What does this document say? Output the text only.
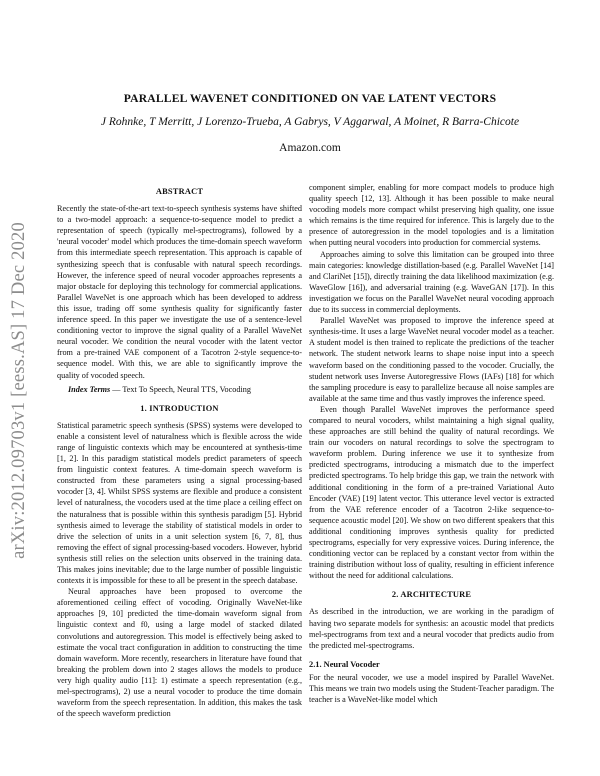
arXiv:2012.09703v1 [eess.AS] 17 Dec 2020
PARALLEL WAVENET CONDITIONED ON VAE LATENT VECTORS
J Rohnke, T Merritt, J Lorenzo-Trueba, A Gabrys, V Aggarwal, A Moinet, R Barra-Chicote
Amazon.com
ABSTRACT

Recently the state-of-the-art text-to-speech synthesis systems have shifted to a two-model approach: a sequence-to-sequence model to predict a representation of speech (typically mel-spectrograms), followed by a 'neural vocoder' model which produces the time-domain speech waveform from this intermediate speech representation. This approach is capable of synthesizing speech that is confusable with natural speech recordings. However, the inference speed of neural vocoder approaches represents a major obstacle for deploying this technology for commercial applications. Parallel WaveNet is one approach which has been developed to address this issue, trading off some synthesis quality for significantly faster inference speed. In this paper we investigate the use of a sentence-level conditioning vector to improve the signal quality of a Parallel WaveNet neural vocoder. We condition the neural vocoder with the latent vector from a pre-trained VAE component of a Tacotron 2-style sequence-to-sequence model. With this, we are able to significantly improve the quality of vocoded speech.

Index Terms — Text To Speech, Neural TTS, Vocoding

1. INTRODUCTION

Statistical parametric speech synthesis (SPSS) systems were developed to enable a consistent level of naturalness which is flexible across the wide range of linguistic contexts which may be encountered at synthesis-time [1, 2]. In this paradigm statistical models predict parameters of speech from linguistic context features. A time-domain speech waveform is constructed from these parameters using a signal processing-based vocoder [3, 4]. Whilst SPSS systems are flexible and produce a consistent level of naturalness, the vocoders used at the time place a ceiling effect on the naturalness that is possible within this synthesis paradigm [5]. Hybrid synthesis aimed to leverage the stability of statistical models in order to drive the selection of units in a unit selection system [6, 7, 8], thus removing the effect of signal processing-based vocoders. However, hybrid synthesis still relies on the selection units observed in the training data. This makes joins inevitable; due to the large number of possible linguistic contexts it is impossible for these to all be present in the speech database.

Neural approaches have been proposed to overcome the aforementioned ceiling effect of vocoding. Originally WaveNet-like approaches [9, 10] predicted the time-domain waveform signal from linguistic context and f0, using a large model of stacked dilated convolutions and autoregression. This model is effectively being asked to estimate the vocal tract configuration in addition to constructing the time domain waveform. More recently, researchers in literature have found that breaking the problem down into 2 stages allows the models to produce very high quality audio [11]: 1) estimate a speech representation (e.g., mel-spectrograms), 2) use a neural vocoder to produce the time domain waveform from the speech representation. In addition, this makes the task of the speech waveform prediction

component simpler, enabling for more compact models to produce high quality speech [12, 13]. Although it has been possible to make neural vocoding models more compact whilst preserving high quality, one issue which remains is the time required for inference. This is largely due to the presence of autoregression in the model topologies and is a limitation when putting neural vocoders into production for commercial systems.

Approaches aiming to solve this limitation can be grouped into three main categories: knowledge distillation-based (e.g. Parallel WaveNet [14] and ClariNet [15]), directly training the data likelihood maximization (e.g. WaveGlow [16]), and adversarial training (e.g. WaveGAN [17]). In this investigation we focus on the Parallel WaveNet neural vocoding approach due to its success in commercial deployments.

Parallel WaveNet was proposed to improve the inference speed at synthesis-time. It uses a large WaveNet neural vocoder model as a teacher. A student model is then trained to replicate the predictions of the teacher network. The student network learns to shape noise input into a speech waveform based on the conditioning passed to the vocoder. Crucially, the student network uses Inverse Autoregressive Flows (IAFs) [18] for which the sampling procedure is easy to parallelize because all noise samples are available at the same time and thus vastly improves the inference speed.

Even though Parallel WaveNet improves the performance speed compared to neural vocoders, whilst maintaining a high signal quality, these approaches are still behind the quality of natural recordings. We train our vocoders on natural recordings to solve the spectrogram to waveform problem. During inference we use it to synthesize from predicted spectrograms, introducing a mismatch due to the imperfect predicted spectrograms. To help bridge this gap, we train the network with additional conditioning in the form of a pre-trained Variational Auto Encoder (VAE) [19] latent vector. This utterance level vector is extracted from the VAE reference encoder of a Tacotron 2-like sequence-to-sequence acoustic model [20]. We show on two different speakers that this additional conditioning improves synthesis quality for predicted spectrograms, especially for very expressive voices. During inference, the conditioning vector can be replaced by a constant vector from within the training distribution without loss of quality, resulting in efficient inference without the need for additional calculations.

2. ARCHITECTURE

As described in the introduction, we are working in the paradigm of having two separate models for synthesis: an acoustic model that predicts mel-spectrograms from text and a neural vocoder that predicts audio from the predicted mel-spectrograms.

2.1. Neural Vocoder

For the neural vocoder, we use a model inspired by Parallel WaveNet. This means we train two models using the Student-Teacher paradigm. The teacher is a WaveNet-like model which
